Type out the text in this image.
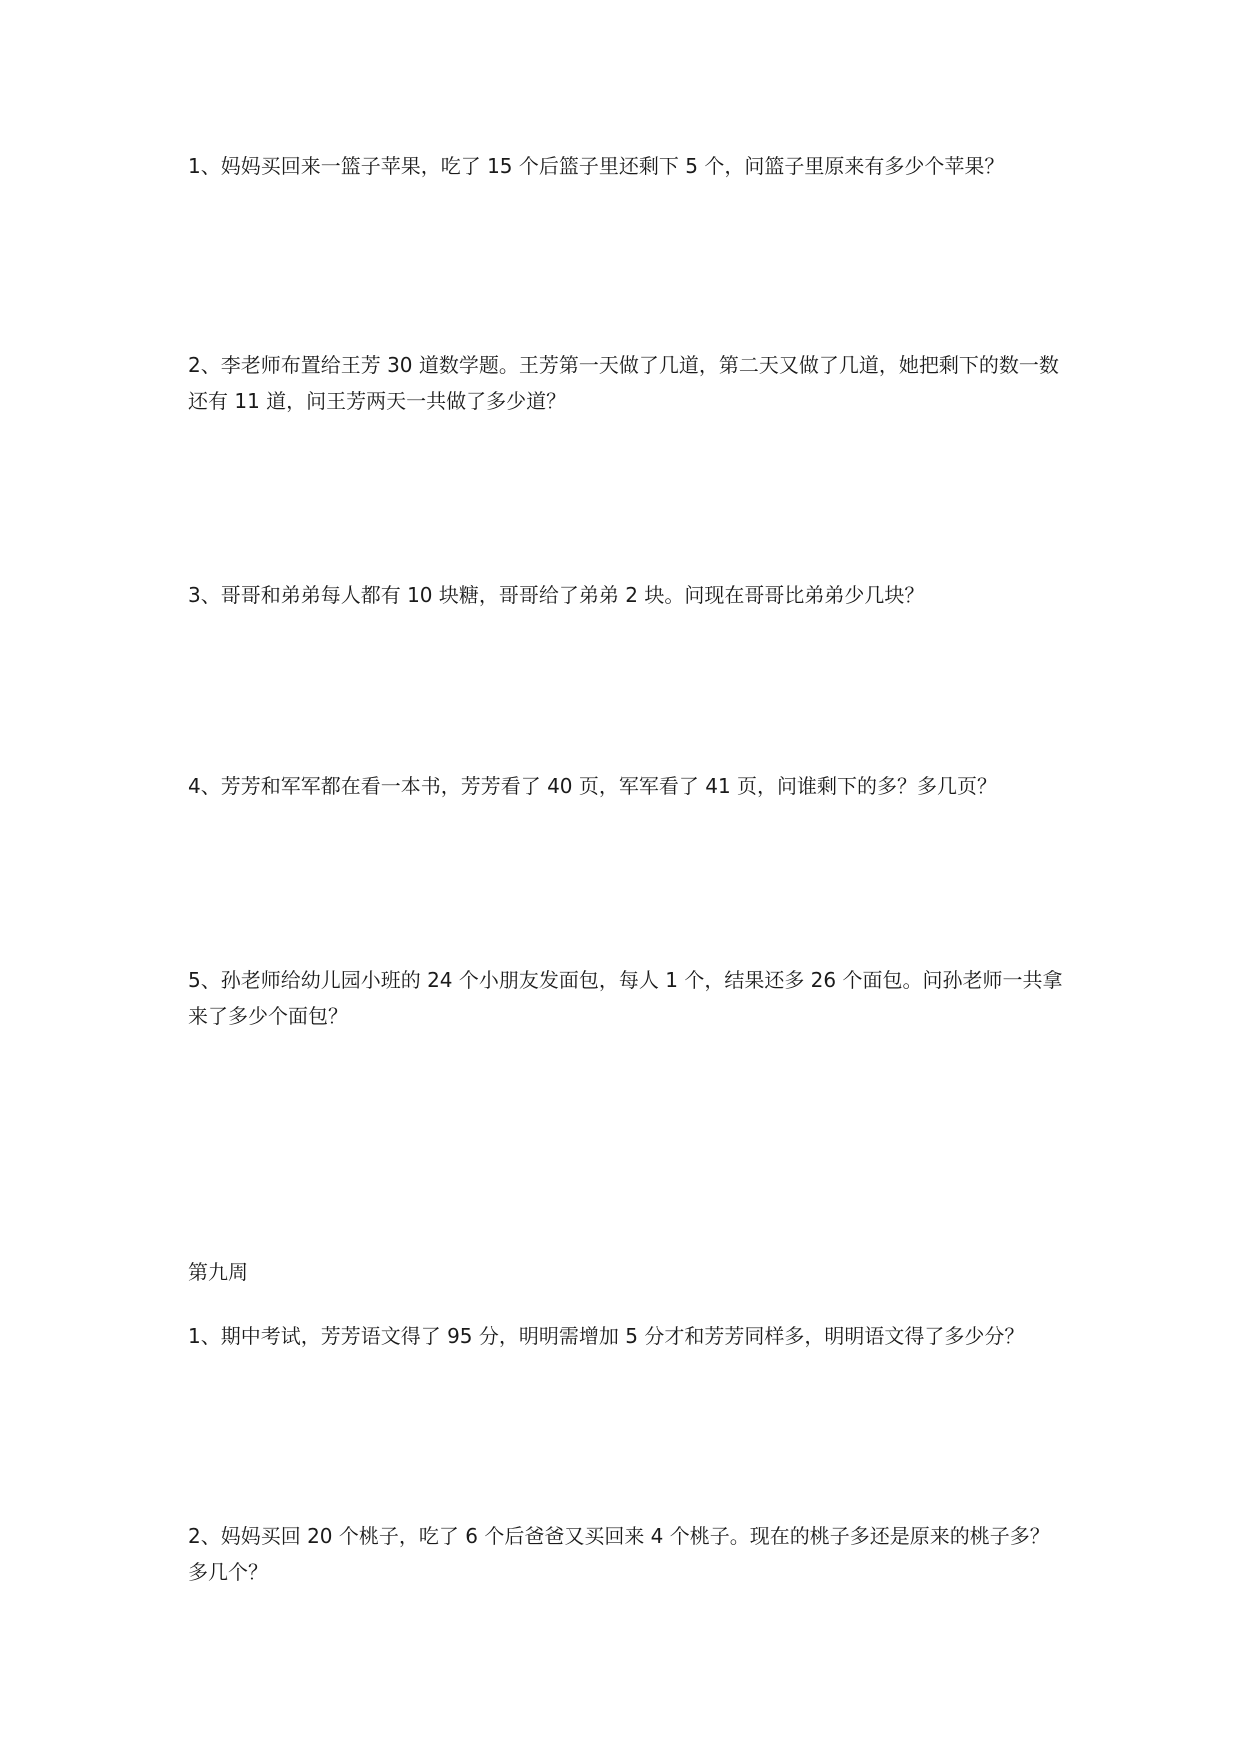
1、妈妈买回来一篮子苹果，吃了 15 个后篮子里还剩下 5 个，问篮子里原来有多少个苹果？

2、李老师布置给王芳 30 道数学题。王芳第一天做了几道，第二天又做了几道，她把剩下的数一数还有 11 道，问王芳两天一共做了多少道？

3、哥哥和弟弟每人都有 10 块糖，哥哥给了弟弟 2 块。问现在哥哥比弟弟少几块？

4、芳芳和军军都在看一本书，芳芳看了 40 页，军军看了 41 页，问谁剩下的多？多几页？

5、孙老师给幼儿园小班的 24 个小朋友发面包，每人 1 个，结果还多 26 个面包。问孙老师一共拿来了多少个面包？

第九周

1、期中考试，芳芳语文得了 95 分，明明需增加 5 分才和芳芳同样多，明明语文得了多少分？

2、妈妈买回 20 个桃子，吃了 6 个后爸爸又买回来 4 个桃子。现在的桃子多还是原来的桃子多？多几个？
